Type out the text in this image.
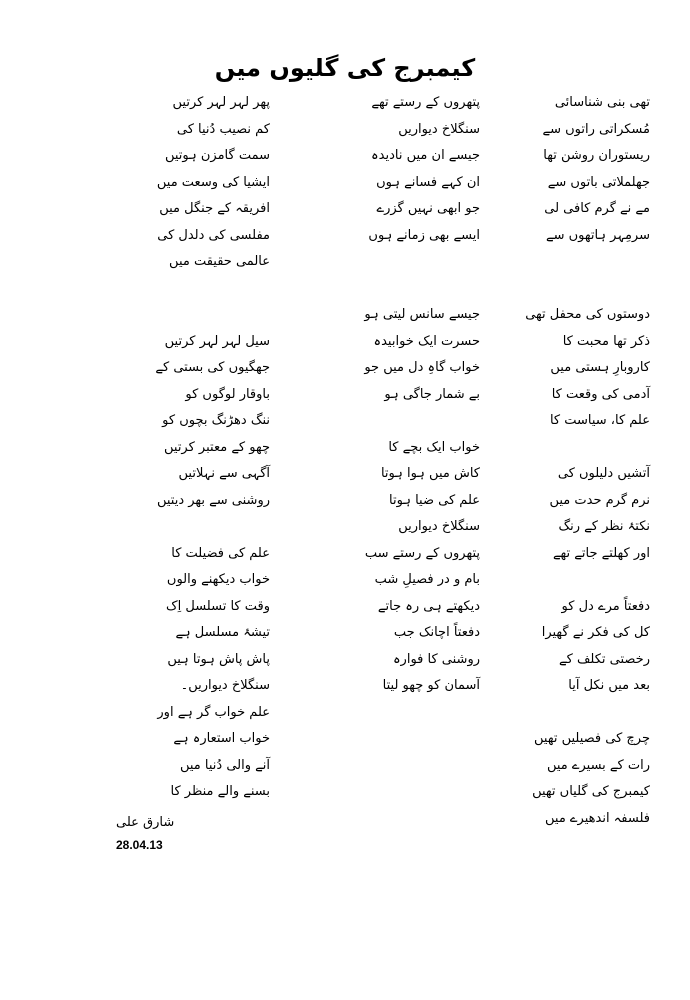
کیمبرج کی گلیوں میں
تھی بنی شناسائی
مُسکراتی راتوں سے
ریستوران روشن تھا
جھلملاتی باتوں سے
مے نے گرم کافی لی
سرمِہر ہاتھوں سے
دوستوں کی محفل تھی
ذکر تھا محبت کا
کاروبارِ ہستی میں
آدمی کی وقعت کا
علم کا، سیاست کا
آتشیں دلیلوں کی
نرم گرم حدت میں
نکتۂ نظر کے رنگ
اور کھلتے جاتے تھے
دفعتاً مرے دل کو
کل کی فکر نے گھیرا
رخصتی تکلف کے
بعد میں نکل آیا
چرچ کی فصیلیں تھیں
رات کے بسیرے میں
کیمبرج کی گلیاں تھیں
فلسفہ اندھیرے میں
پتھروں کے رستے تھے
سنگلاخ دیواریں
جیسے ان میں نادیدہ
ان کہے فسانے ہوں
جو ابھی نہیں گزرے
ایسے بھی زمانے ہوں
جیسے سانس لیتی ہو
حسرت ایک خوابیدہ
خواب گاہِ دل میں جو
بے شمار جاگی ہو
خواب ایک بچے کا
کاش میں ہوا ہوتا
علم کی ضیا ہوتا
سنگلاخ دیواریں
پتھروں کے رستے سب
بام و در فصیلِ شب
دیکھتے ہی رہ جاتے
دفعتاً اچانک جب
روشنی کا فوارہ
آسمان کو چھو لیتا
پھر لہر لہر کرتیں
کم نصیب دُنیا کی
سمت گامزن ہوتیں
ایشیا کی وسعت میں
افریقہ کے جنگل میں
مفلسی کی دلدل کی
عالمی حقیقت میں
سیل لہر لہر کرتیں
جھگیوں کی بستی کے
باوقار لوگوں کو
ننگ دھڑنگ بچوں کو
چھو کے معتبر کرتیں
آگہی سے نہلاتیں
روشنی سے بھر دیتیں
علم کی فضیلت کا
خواب دیکھنے والوں
وقت کا تسلسل اِک
تیشۂ مسلسل ہے
پاش پاش ہوتا ہیں
سنگلاخ دیواریں۔
علم خواب گر ہے اور
خواب استعارہ ہے
آنے والی دُنیا میں
بسنے والے منظر کا
شارق علی
28.04.13
